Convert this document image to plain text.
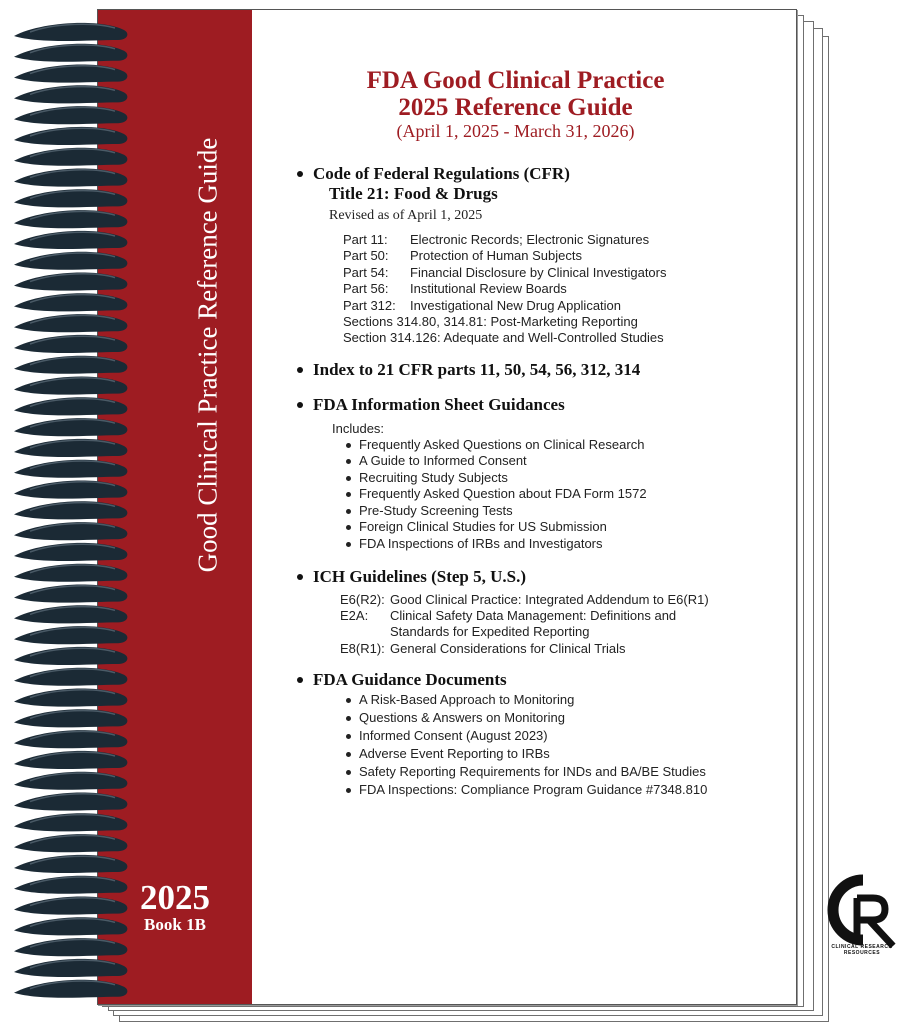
Good Clinical Practice Reference Guide
2025
Book 1B
FDA Good Clinical Practice
2025 Reference Guide
(April 1, 2025 - March 31, 2026)
Code of Federal Regulations (CFR)
Title 21: Food & Drugs
Revised as of April 1, 2025
Part 11: Electronic Records; Electronic Signatures
Part 50: Protection of Human Subjects
Part 54: Financial Disclosure by Clinical Investigators
Part 56: Institutional Review Boards
Part 312: Investigational New Drug Application
Sections 314.80, 314.81: Post-Marketing Reporting
Section 314.126: Adequate and Well-Controlled Studies
Index to 21 CFR parts 11, 50, 54, 56, 312, 314
FDA Information Sheet Guidances
Includes:
Frequently Asked Questions on Clinical Research
A Guide to Informed Consent
Recruiting Study Subjects
Frequently Asked Question about FDA Form 1572
Pre-Study Screening Tests
Foreign Clinical Studies for US Submission
FDA Inspections of IRBs and Investigators
ICH Guidelines (Step 5, U.S.)
E6(R2): Good Clinical Practice: Integrated Addendum to E6(R1)
E2A: Clinical Safety Data Management: Definitions and
Standards for Expedited Reporting
E8(R1): General Considerations for Clinical Trials
FDA Guidance Documents
A Risk-Based Approach to Monitoring
Questions & Answers on Monitoring
Informed Consent (August 2023)
Adverse Event Reporting to IRBs
Safety Reporting Requirements for INDs and BA/BE Studies
FDA Inspections: Compliance Program Guidance #7348.810
CLINICAL RESEARCH RESOURCES
